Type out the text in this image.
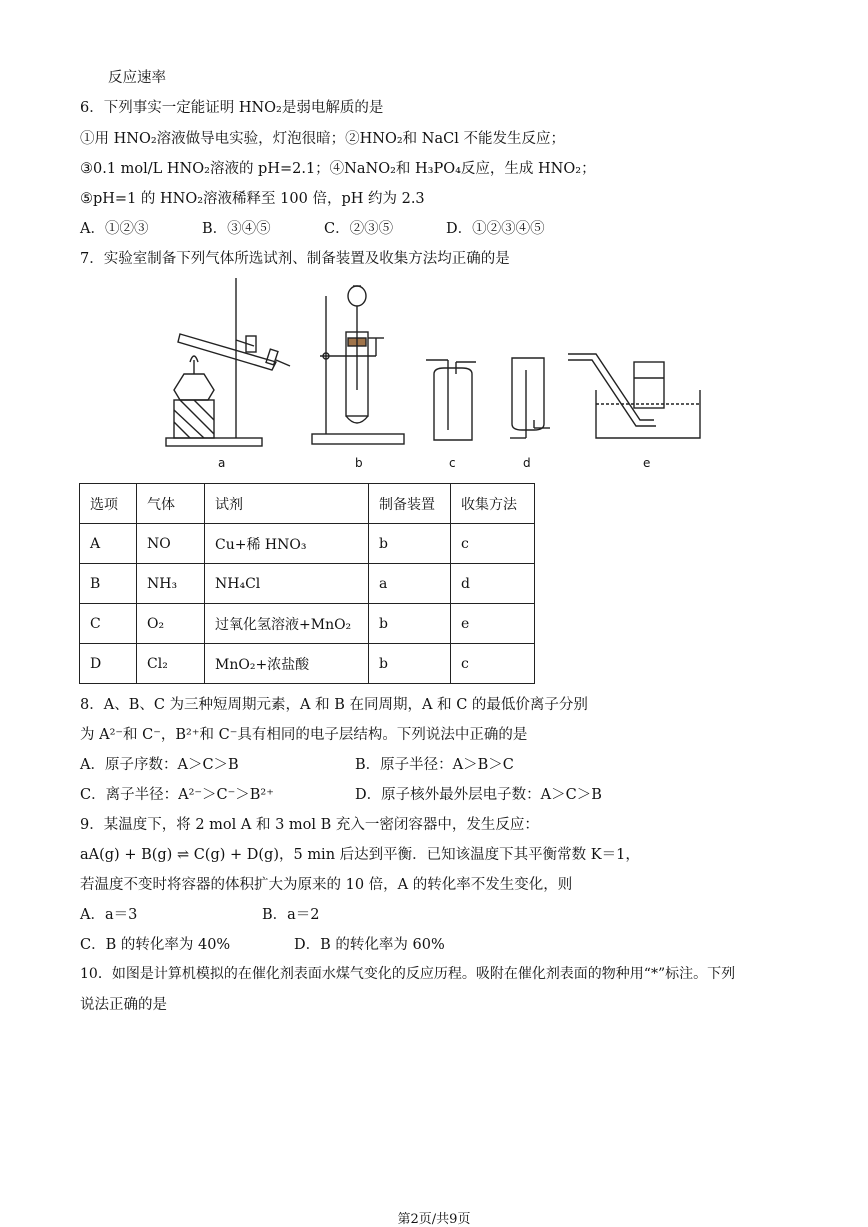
反应速率
6．下列事实一定能证明 HNO₂是弱电解质的是
①用 HNO₂溶液做导电实验，灯泡很暗；②HNO₂和 NaCl 不能发生反应；
③0.1 mol/L HNO₂溶液的 pH=2.1；④NaNO₂和 H₃PO₄反应，生成 HNO₂；
⑤pH=1 的 HNO₂溶液稀释至 100 倍，pH 约为 2.3
A．①②③	B．③④⑤	C．②③⑤	D．①②③④⑤
7．实验室制备下列气体所选试剂、制备装置及收集方法均正确的是
a	b	c	d	e
选项	气体	试剂	制备装置	收集方法
A	NO	Cu+稀 HNO₃	b	c
B	NH₃	NH₄Cl	a	d
C	O₂	过氧化氢溶液+MnO₂	b	e
D	Cl₂	MnO₂+浓盐酸	b	c
8．A、B、C 为三种短周期元素，A 和 B 在同周期，A 和 C 的最低价离子分别
为 A²⁻和 C⁻，B²⁺和 C⁻具有相同的电子层结构。下列说法中正确的是
A．原子序数：A＞C＞B	B．原子半径：A＞B＞C
C．离子半径：A²⁻＞C⁻＞B²⁺	D．原子核外最外层电子数：A＞C＞B
9．某温度下，将 2 mol A 和 3 mol B 充入一密闭容器中，发生反应：
aA(g) + B(g) ⇌ C(g) + D(g)，5 min 后达到平衡．已知该温度下其平衡常数 K＝1，
若温度不变时将容器的体积扩大为原来的 10 倍，A 的转化率不发生变化，则
A．a＝3	B．a＝2
C．B 的转化率为 40%	D．B 的转化率为 60%
10．如图是计算机模拟的在催化剂表面水煤气变化的反应历程。吸附在催化剂表面的物种用“*”标注。下列
说法正确的是
第2页/共9页
